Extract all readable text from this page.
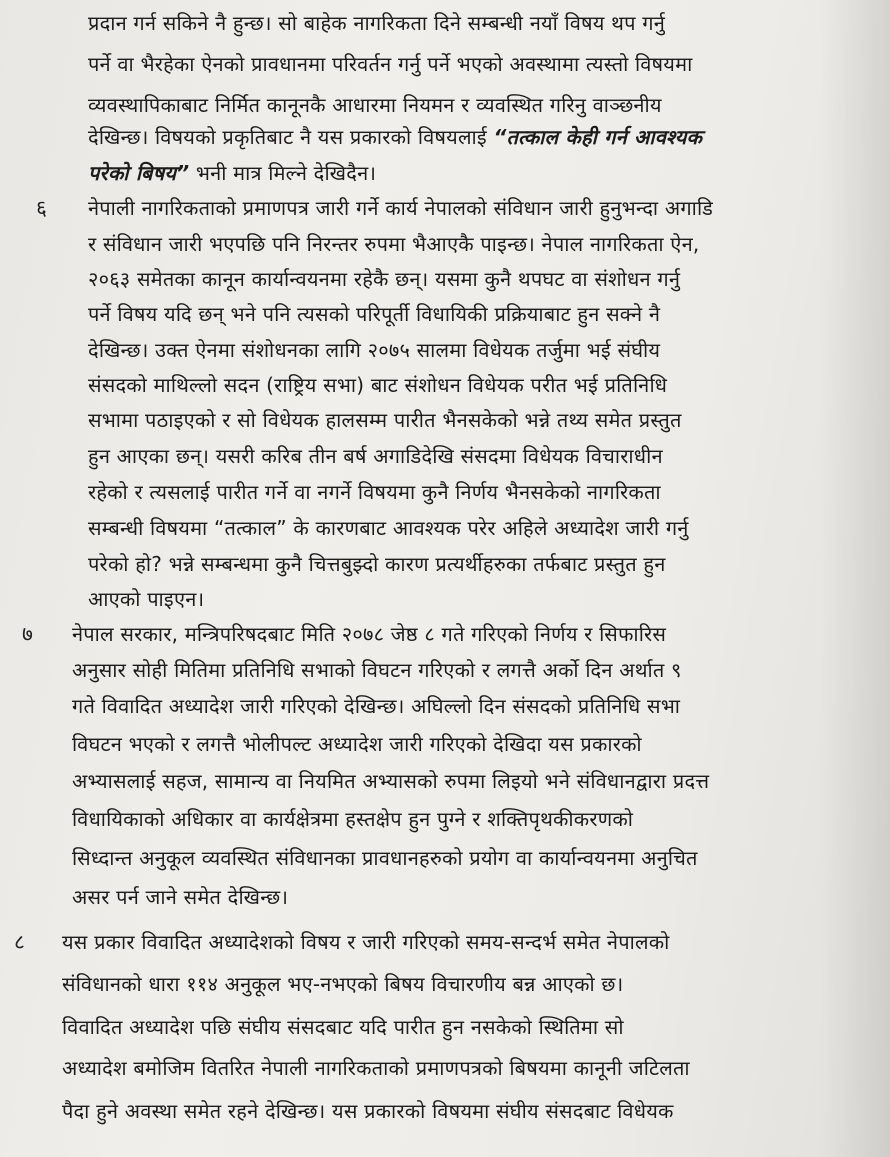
प्रदान गर्न सकिने नै हुन्छ। सो बाहेक नागरिकता दिने सम्बन्धी नयाँ विषय थप गर्नु
पर्ने वा भैरहेका ऐनको प्रावधानमा परिवर्तन गर्नु पर्ने भएको अवस्थामा त्यस्तो विषयमा
व्यवस्थापिकाबाट निर्मित कानूनकै आधारमा नियमन र व्यवस्थित गरिनु वाञ्छनीय
देखिन्छ। विषयको प्रकृतिबाट नै यस प्रकारको विषयलाई “तत्काल केही गर्न आवश्यक
परेको बिषय” भनी मात्र मिल्ने देखिदैन।
६ नेपाली नागरिकताको प्रमाणपत्र जारी गर्ने कार्य नेपालको संविधान जारी हुनुभन्दा अगाडि
र संविधान जारी भएपछि पनि निरन्तर रुपमा भैआएकै पाइन्छ। नेपाल नागरिकता ऐन,
२०६३ समेतका कानून कार्यान्वयनमा रहेकै छन्। यसमा कुनै थपघट वा संशोधन गर्नु
पर्ने विषय यदि छन् भने पनि त्यसको परिपूर्ती विधायिकी प्रक्रियाबाट हुन सक्ने नै
देखिन्छ। उक्त ऐनमा संशोधनका लागि २०७५ सालमा विधेयक तर्जुमा भई संघीय
संसदको माथिल्लो सदन (राष्ट्रिय सभा) बाट संशोधन विधेयक परीत भई प्रतिनिधि
सभामा पठाइएको र सो विधेयक हालसम्म पारीत भैनसकेको भन्ने तथ्य समेत प्रस्तुत
हुन आएका छन्। यसरी करिब तीन बर्ष अगाडिदेखि संसदमा विधेयक विचाराधीन
रहेको र त्यसलाई पारीत गर्ने वा नगर्ने विषयमा कुनै निर्णय भैनसकेको नागरिकता
सम्बन्धी विषयमा “तत्काल” के कारणबाट आवश्यक परेर अहिले अध्यादेश जारी गर्नु
परेको हो? भन्ने सम्बन्धमा कुनै चित्तबुझ्दो कारण प्रत्यर्थीहरुका तर्फबाट प्रस्तुत हुन
आएको पाइएन।
७ नेपाल सरकार, मन्त्रिपरिषदबाट मिति २०७८ जेष्ठ ८ गते गरिएको निर्णय र सिफारिस
अनुसार सोही मितिमा प्रतिनिधि सभाको विघटन गरिएको र लगत्तै अर्को दिन अर्थात ९
गते विवादित अध्यादेश जारी गरिएको देखिन्छ। अघिल्लो दिन संसदको प्रतिनिधि सभा
विघटन भएको र लगत्तै भोलीपल्ट अध्यादेश जारी गरिएको देखिदा यस प्रकारको
अभ्यासलाई सहज, सामान्य वा नियमित अभ्यासको रुपमा लिइयो भने संविधानद्वारा प्रदत्त
विधायिकाको अधिकार वा कार्यक्षेत्रमा हस्तक्षेप हुन पुग्ने र शक्तिपृथकीकरणको
सिध्दान्त अनुकूल व्यवस्थित संविधानका प्रावधानहरुको प्रयोग वा कार्यान्वयनमा अनुचित
असर पर्न जाने समेत देखिन्छ।
८ यस प्रकार विवादित अध्यादेशको विषय र जारी गरिएको समय-सन्दर्भ समेत नेपालको
संविधानको धारा ११४ अनुकूल भए-नभएको बिषय विचारणीय बन्न आएको छ।
विवादित अध्यादेश पछि संघीय संसदबाट यदि पारीत हुन नसकेको स्थितिमा सो
अध्यादेश बमोजिम वितरित नेपाली नागरिकताको प्रमाणपत्रको बिषयमा कानूनी जटिलता
पैदा हुने अवस्था समेत रहने देखिन्छ। यस प्रकारको विषयमा संघीय संसदबाट विधेयक
